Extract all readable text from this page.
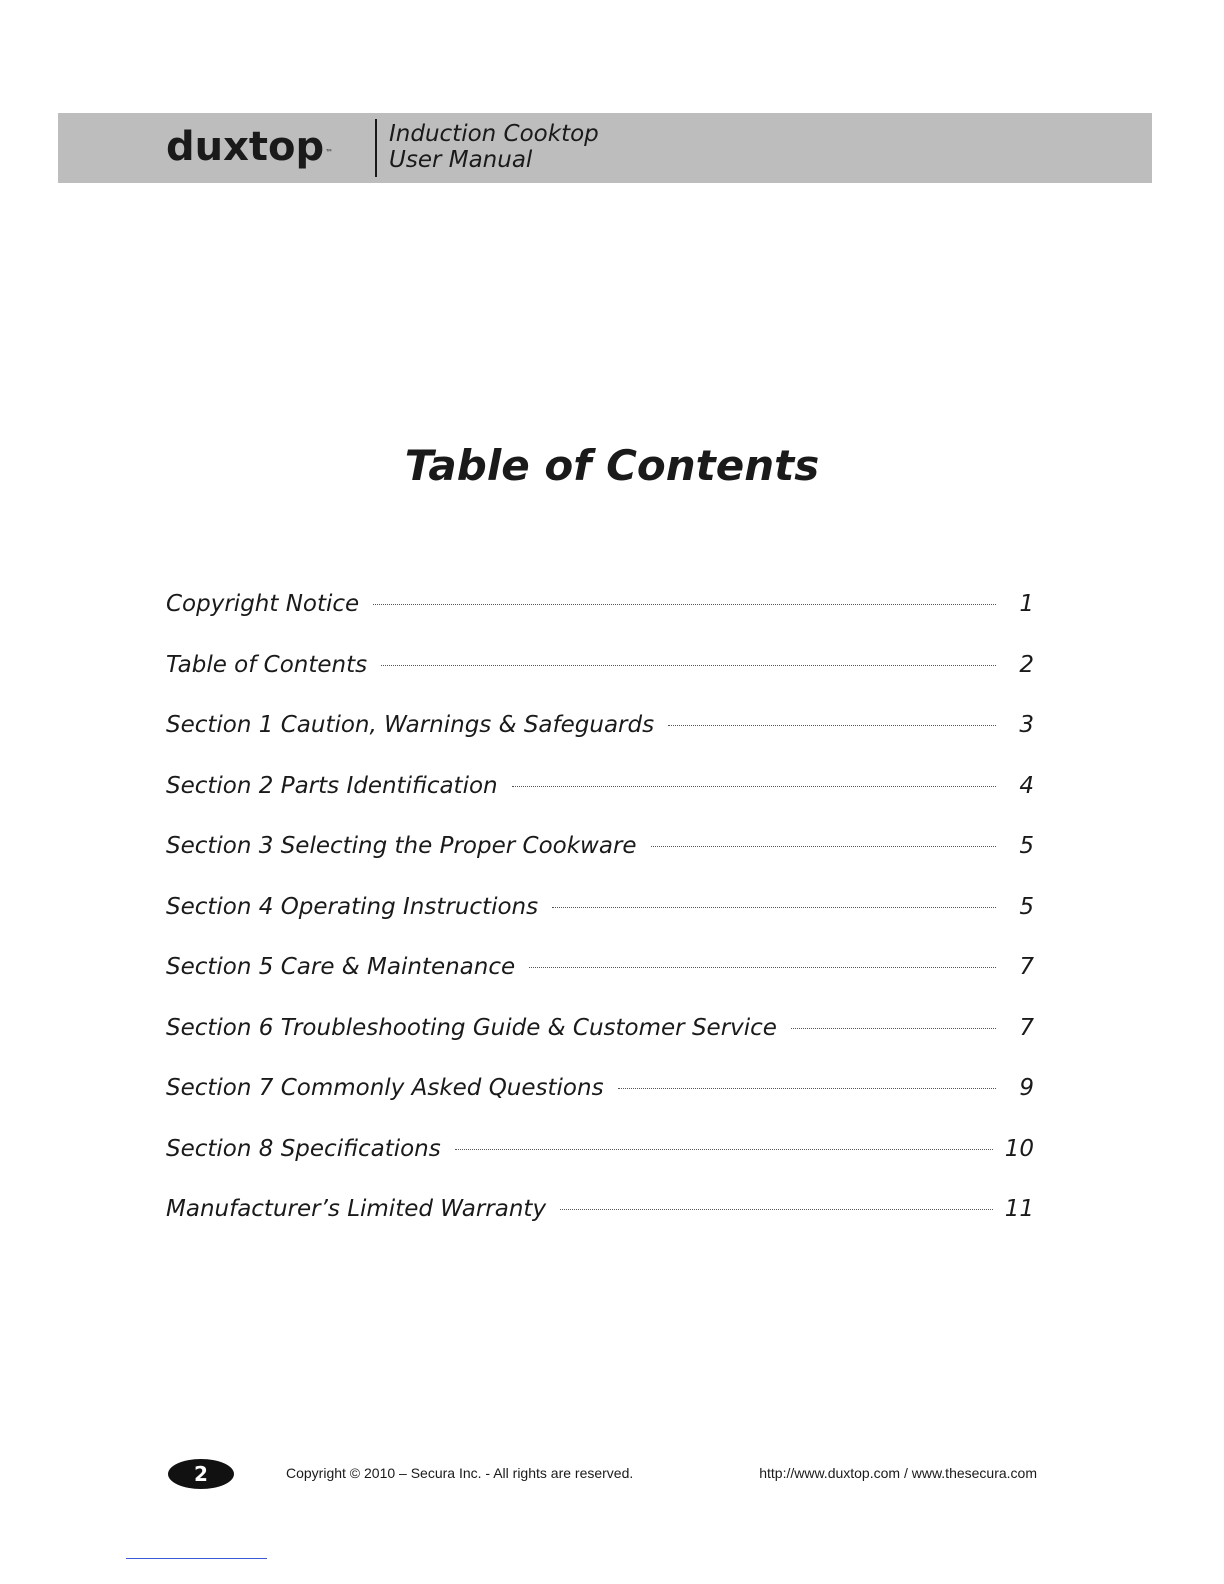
duxtop™
Induction Cooktop
User Manual
Table of Contents
Copyright Notice	1
Table of Contents	2
Section 1 Caution, Warnings & Safeguards	3
Section 2 Parts Identification	4
Section 3 Selecting the Proper Cookware	5
Section 4 Operating Instructions	5
Section 5 Care & Maintenance	7
Section 6 Troubleshooting Guide & Customer Service	7
Section 7 Commonly Asked Questions	9
Section 8 Specifications	10
Manufacturer’s Limited Warranty	11
2	Copyright © 2010 – Secura Inc. - All rights are reserved.	http://www.duxtop.com / www.thesecura.com
